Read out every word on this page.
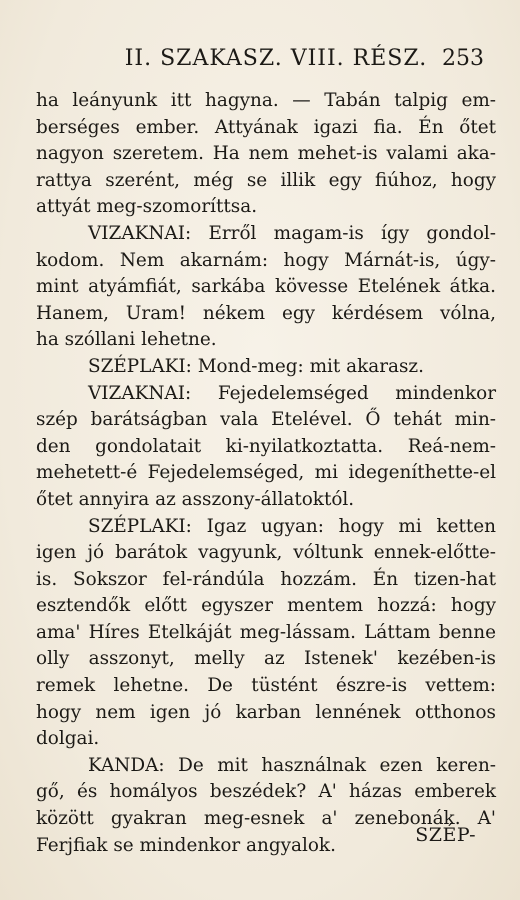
II. SZAKASZ. VIII. RÉSZ. 253

ha leányunk itt hagyna. — Tabán talpig em-
berséges ember. Attyának igazi fia. Én őtet
nagyon szeretem. Ha nem mehet-is valami aka-
rattya szerént, még se illik egy fiúhoz, hogy
attyát meg-szomoríttsa.

VIZAKNAI: Erről magam-is így gondol-
kodom. Nem akarnám: hogy Márnát-is, úgy-
mint atyámfiát, sarkába kövesse Etelének átka.
Hanem, Uram! nékem egy kérdésem vólna,
ha szóllani lehetne.

SZÉPLAKI: Mond-meg: mit akarasz.

VIZAKNAI: Fejedelemséged mindenkor
szép barátságban vala Etelével. Ő tehát min-
den gondolatait ki-nyilatkoztatta. Reá-nem-
mehetett-é Fejedelemséged, mi idegeníthette-el
őtet annyira az asszony-állatoktól.

SZÉPLAKI: Igaz ugyan: hogy mi ketten
igen jó barátok vagyunk, vóltunk ennek-előtte-
is. Sokszor fel-rándúla hozzám. Én tizen-hat
esztendők előtt egyszer mentem hozzá: hogy
ama' Híres Etelkáját meg-lássam. Láttam benne
olly asszonyt, melly az Istenek' kezében-is
remek lehetne. De tüstént észre-is vettem:
hogy nem igen jó karban lennének otthonos
dolgai.

KANDA: De mit használnak ezen keren-
gő, és homályos beszédek? A' házas emberek
között gyakran meg-esnek a' zenebonák. A'
Ferjfiak se mindenkor angyalok.	SZÉP-
